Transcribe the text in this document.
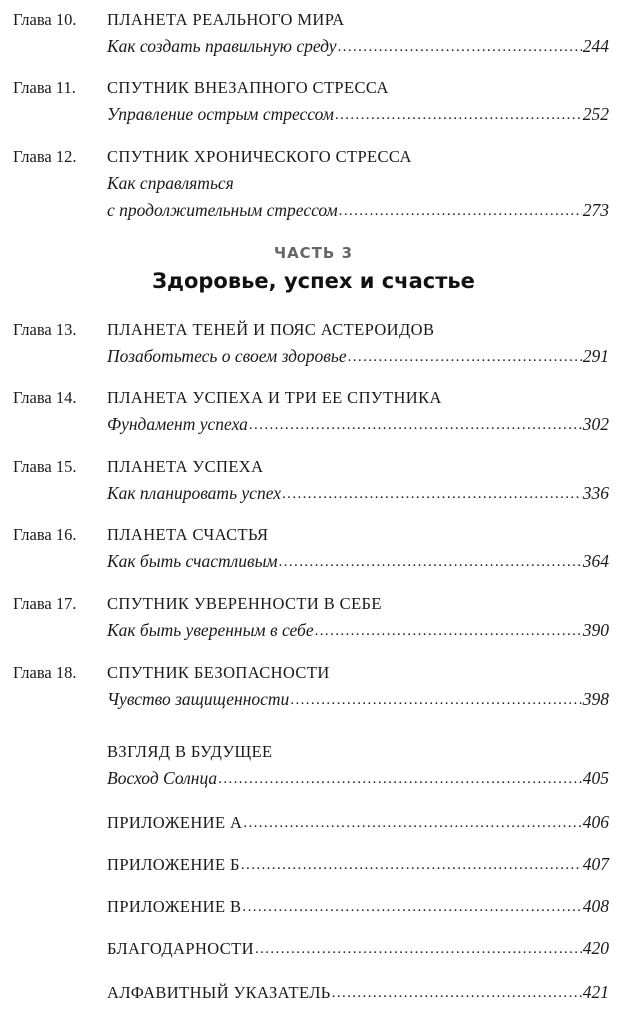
Глава 10. ПЛАНЕТА РЕАЛЬНОГО МИРА
Как создать правильную среду .....	244
Глава 11. СПУТНИК ВНЕЗАПНОГО СТРЕССА
Управление острым стрессом .....	252
Глава 12. СПУТНИК ХРОНИЧЕСКОГО СТРЕССА
Как справляться
с продолжительным стрессом .....	273
ЧАСТЬ 3
Здоровье, успех и счастье
Глава 13. ПЛАНЕТА ТЕНЕЙ И ПОЯС АСТЕРОИДОВ
Позаботьтесь о своем здоровье .....	291
Глава 14. ПЛАНЕТА УСПЕХА И ТРИ ЕЕ СПУТНИКА
Фундамент успеха .....	302
Глава 15. ПЛАНЕТА УСПЕХА
Как планировать успех .....	336
Глава 16. ПЛАНЕТА СЧАСТЬЯ
Как быть счастливым .....	364
Глава 17. СПУТНИК УВЕРЕННОСТИ В СЕБЕ
Как быть уверенным в себе .....	390
Глава 18. СПУТНИК БЕЗОПАСНОСТИ
Чувство защищенности .....	398
ВЗГЛЯД В БУДУЩЕЕ
Восход Солнца .....	405
ПРИЛОЖЕНИЕ А .....	406
ПРИЛОЖЕНИЕ Б .....	407
ПРИЛОЖЕНИЕ В .....	408
БЛАГОДАРНОСТИ .....	420
АЛФАВИТНЫЙ УКАЗАТЕЛЬ .....	421
